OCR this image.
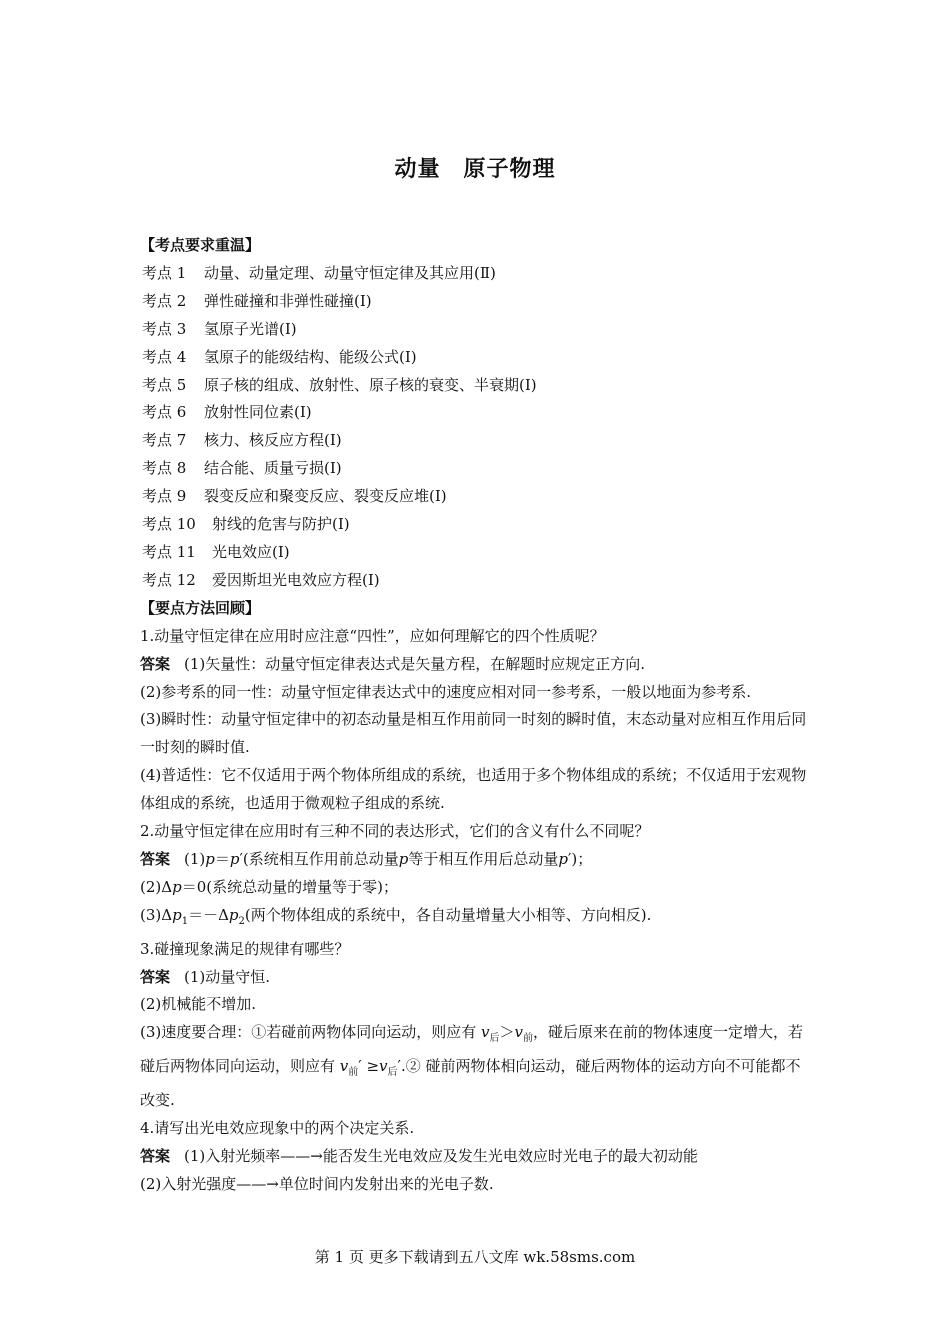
动量　原子物理
【考点要求重温】
考点 1 动量、动量定理、动量守恒定律及其应用(Ⅱ)
考点 2 弹性碰撞和非弹性碰撞(Ⅰ)
考点 3 氢原子光谱(Ⅰ)
考点 4 氢原子的能级结构、能级公式(Ⅰ)
考点 5 原子核的组成、放射性、原子核的衰变、半衰期(Ⅰ)
考点 6 放射性同位素(Ⅰ)
考点 7 核力、核反应方程(Ⅰ)
考点 8 结合能、质量亏损(Ⅰ)
考点 9 裂变反应和聚变反应、裂变反应堆(Ⅰ)
考点 10 射线的危害与防护(Ⅰ)
考点 11 光电效应(Ⅰ)
考点 12 爱因斯坦光电效应方程(Ⅰ)
【要点方法回顾】
1.动量守恒定律在应用时应注意“四性”，应如何理解它的四个性质呢？
答案 (1)矢量性：动量守恒定律表达式是矢量方程，在解题时应规定正方向.
(2)参考系的同一性：动量守恒定律表达式中的速度应相对同一参考系，一般以地面为参考系.
(3)瞬时性：动量守恒定律中的初态动量是相互作用前同一时刻的瞬时值，末态动量对应相互作用后同一时刻的瞬时值.
(4)普适性：它不仅适用于两个物体所组成的系统，也适用于多个物体组成的系统；不仅适用于宏观物体组成的系统，也适用于微观粒子组成的系统.
2.动量守恒定律在应用时有三种不同的表达形式，它们的含义有什么不同呢？
答案 (1)p＝p′(系统相互作用前总动量p等于相互作用后总动量p′)；
(2)Δp＝0(系统总动量的增量等于零)；
$(3)\Delta p_1=-\Delta p_2$(两个物体组成的系统中，各自动量增量大小相等、方向相反).
3.碰撞现象满足的规律有哪些？
答案 (1)动量守恒.
(2)机械能不增加.
(3)速度要合理：①若碰前两物体同向运动，则应有 $v_后>v_前$，碰后原来在前的物体速度一定增大，若碰后两物体同向运动，则应有 $v_前'$ $\ge v_后'.②$ 碰前两物体相向运动，碰后两物体的运动方向不可能都不改变.
4.请写出光电效应现象中的两个决定关系.
答案 (1)入射光频率——→能否发生光电效应及发生光电效应时光电子的最大初动能
(2)入射光强度——→单位时间内发射出来的光电子数.
第 1 页 更多下载请到五八文库 wk.58sms.com
